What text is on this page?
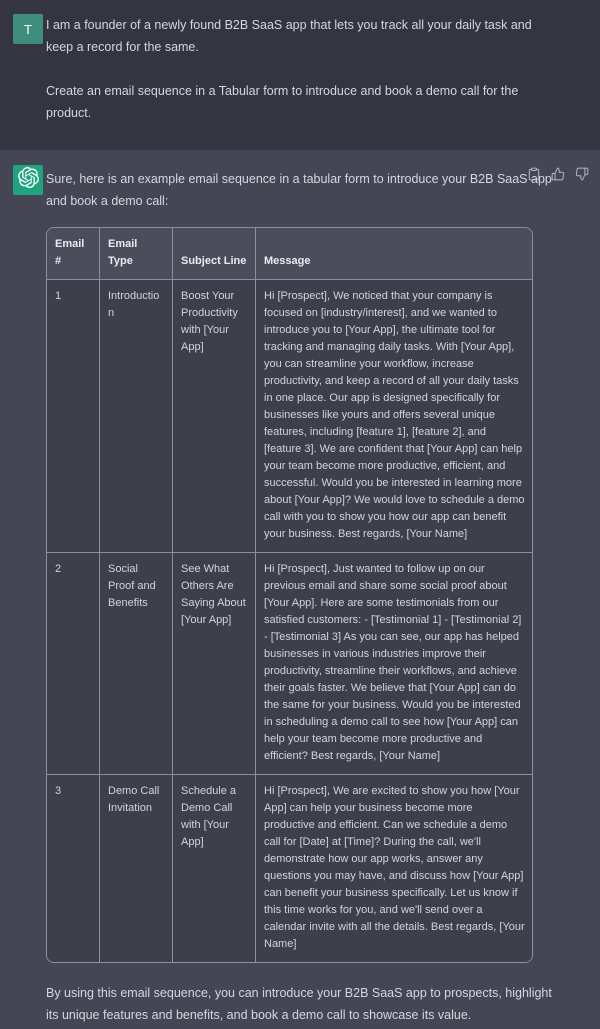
T I am a founder of a newly found B2B SaaS app that lets you track all your daily task and keep a record for the same.

Create an email sequence in a Tabular form to introduce and book a demo call for the product.

Sure, here is an example email sequence in a tabular form to introduce your B2B SaaS app and book a demo call:

Email #	Email Type	Subject Line	Message
1	Introduction	Boost Your Productivity with [Your App]	Hi [Prospect], We noticed that your company is focused on [industry/interest], and we wanted to introduce you to [Your App], the ultimate tool for tracking and managing daily tasks. With [Your App], you can streamline your workflow, increase productivity, and keep a record of all your daily tasks in one place. Our app is designed specifically for businesses like yours and offers several unique features, including [feature 1], [feature 2], and [feature 3]. We are confident that [Your App] can help your team become more productive, efficient, and successful. Would you be interested in learning more about [Your App]? We would love to schedule a demo call with you to show you how our app can benefit your business. Best regards, [Your Name]
2	Social Proof and Benefits	See What Others Are Saying About [Your App]	Hi [Prospect], Just wanted to follow up on our previous email and share some social proof about [Your App]. Here are some testimonials from our satisfied customers: - [Testimonial 1] - [Testimonial 2] - [Testimonial 3] As you can see, our app has helped businesses in various industries improve their productivity, streamline their workflows, and achieve their goals faster. We believe that [Your App] can do the same for your business. Would you be interested in scheduling a demo call to see how [Your App] can help your team become more productive and efficient? Best regards, [Your Name]
3	Demo Call Invitation	Schedule a Demo Call with [Your App]	Hi [Prospect], We are excited to show you how [Your App] can help your business become more productive and efficient. Can we schedule a demo call for [Date] at [Time]? During the call, we'll demonstrate how our app works, answer any questions you may have, and discuss how [Your App] can benefit your business specifically. Let us know if this time works for you, and we'll send over a calendar invite with all the details. Best regards, [Your Name]

By using this email sequence, you can introduce your B2B SaaS app to prospects, highlight its unique features and benefits, and book a demo call to showcase its value.
